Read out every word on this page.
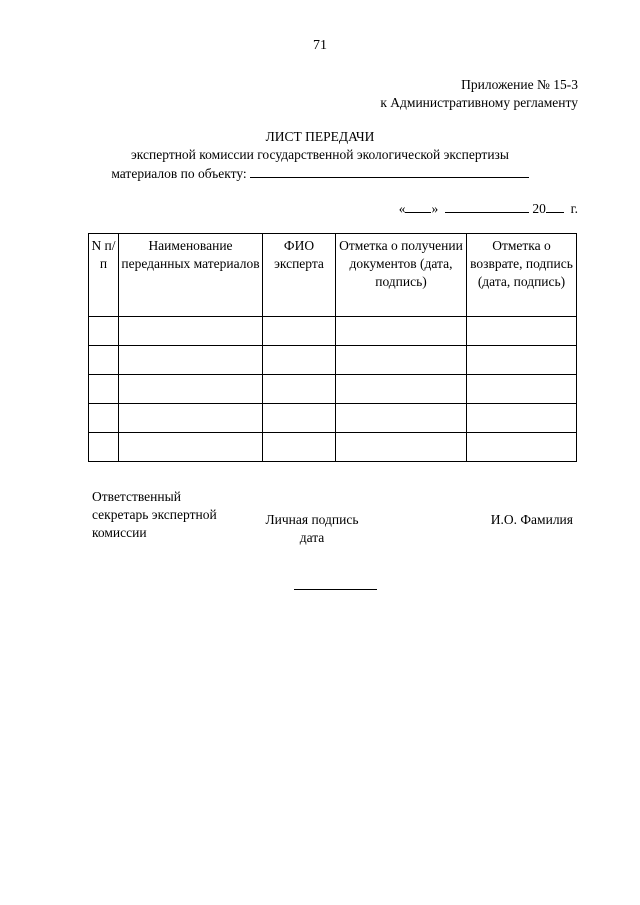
71
Приложение № 15-3
к Административному регламенту
ЛИСТ ПЕРЕДАЧИ
экспертной комиссии государственной экологической экспертизы
материалов по объекту:
« »	20 г.
N п/п	Наименование переданных материалов	ФИО эксперта	Отметка о получении документов (дата, подпись)	Отметка о возврате, подпись (дата, подпись)

Ответственный
секретарь экспертной
комиссии
Личная подпись
дата
И.О. Фамилия
